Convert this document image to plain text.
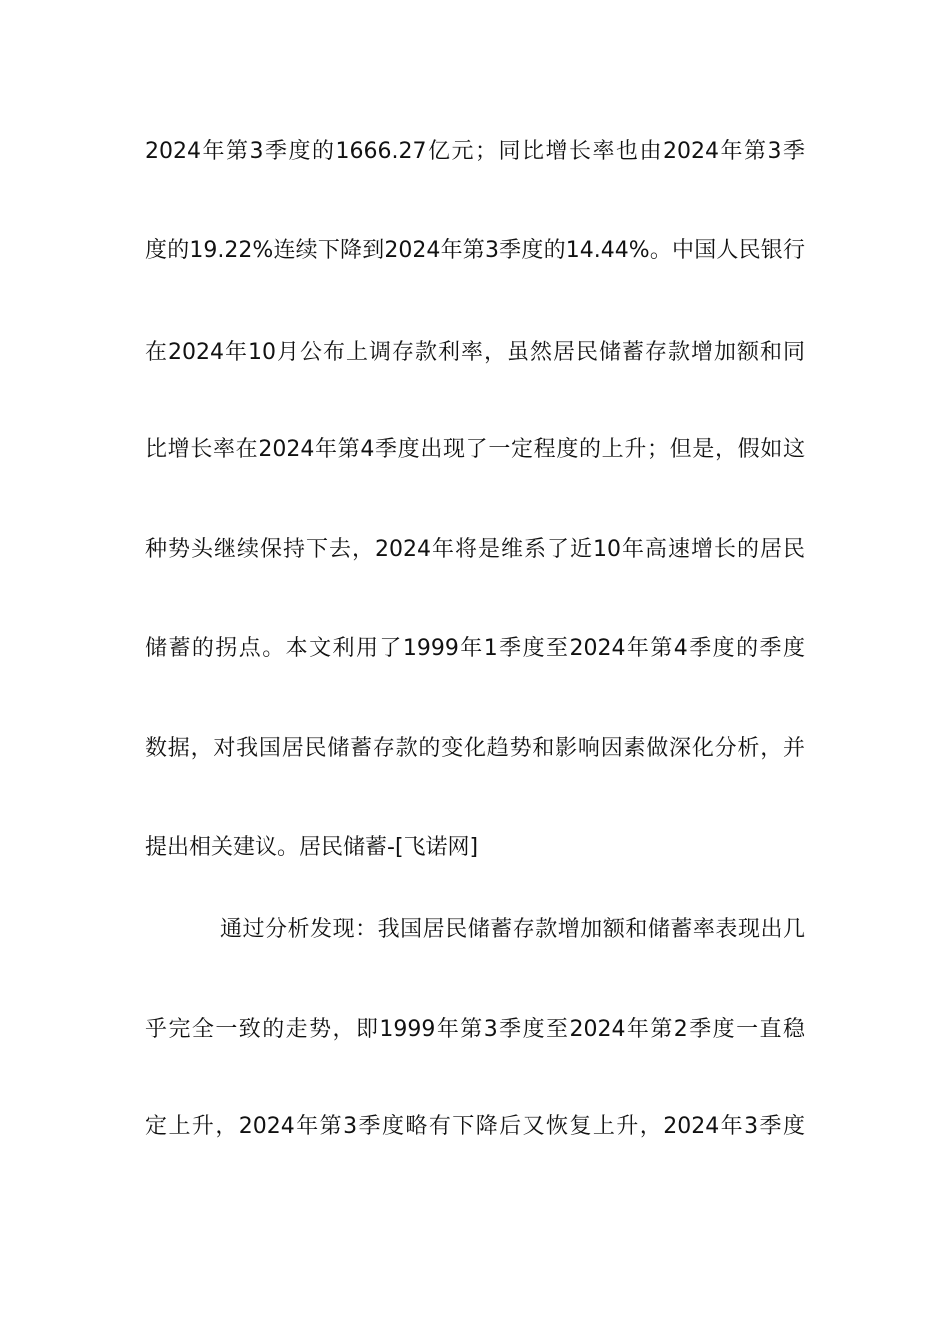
2024年第3季度的1666.27亿元；同比增长率也由2024年第3季
度的19.22%连续下降到2024年第3季度的14.44%。中国人民银行
在2024年10月公布上调存款利率，虽然居民储蓄存款增加额和同
比增长率在2024年第4季度出现了一定程度的上升；但是，假如这
种势头继续保持下去，2024年将是维系了近10年高速增长的居民
储蓄的拐点。本文利用了1999年1季度至2024年第4季度的季度
数据，对我国居民储蓄存款的变化趋势和影响因素做深化分析，并
提出相关建议。居民储蓄-[飞诺网]
通过分析发现：我国居民储蓄存款增加额和储蓄率表现出几
乎完全一致的走势，即1999年第3季度至2024年第2季度一直稳
定上升，2024年第3季度略有下降后又恢复上升，2024年3季度
